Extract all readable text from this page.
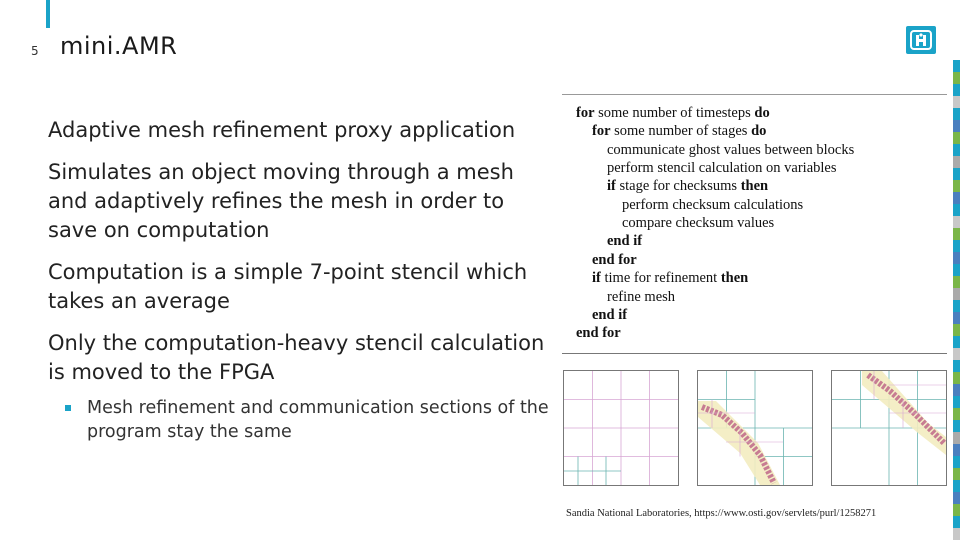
5 mini.AMR
Adaptive mesh refinement proxy application
Simulates an object moving through a mesh and adaptively refines the mesh in order to save on computation
Computation is a simple 7-point stencil which takes an average
Only the computation-heavy stencil calculation is moved to the FPGA
Mesh refinement and communication sections of the program stay the same
for some number of timesteps do
for some number of stages do
communicate ghost values between blocks
perform stencil calculation on variables
if stage for checksums then
perform checksum calculations
compare checksum values
end if
end for
if time for refinement then
refine mesh
end if
end for
Sandia National Laboratories, https://www.osti.gov/servlets/purl/1258271
